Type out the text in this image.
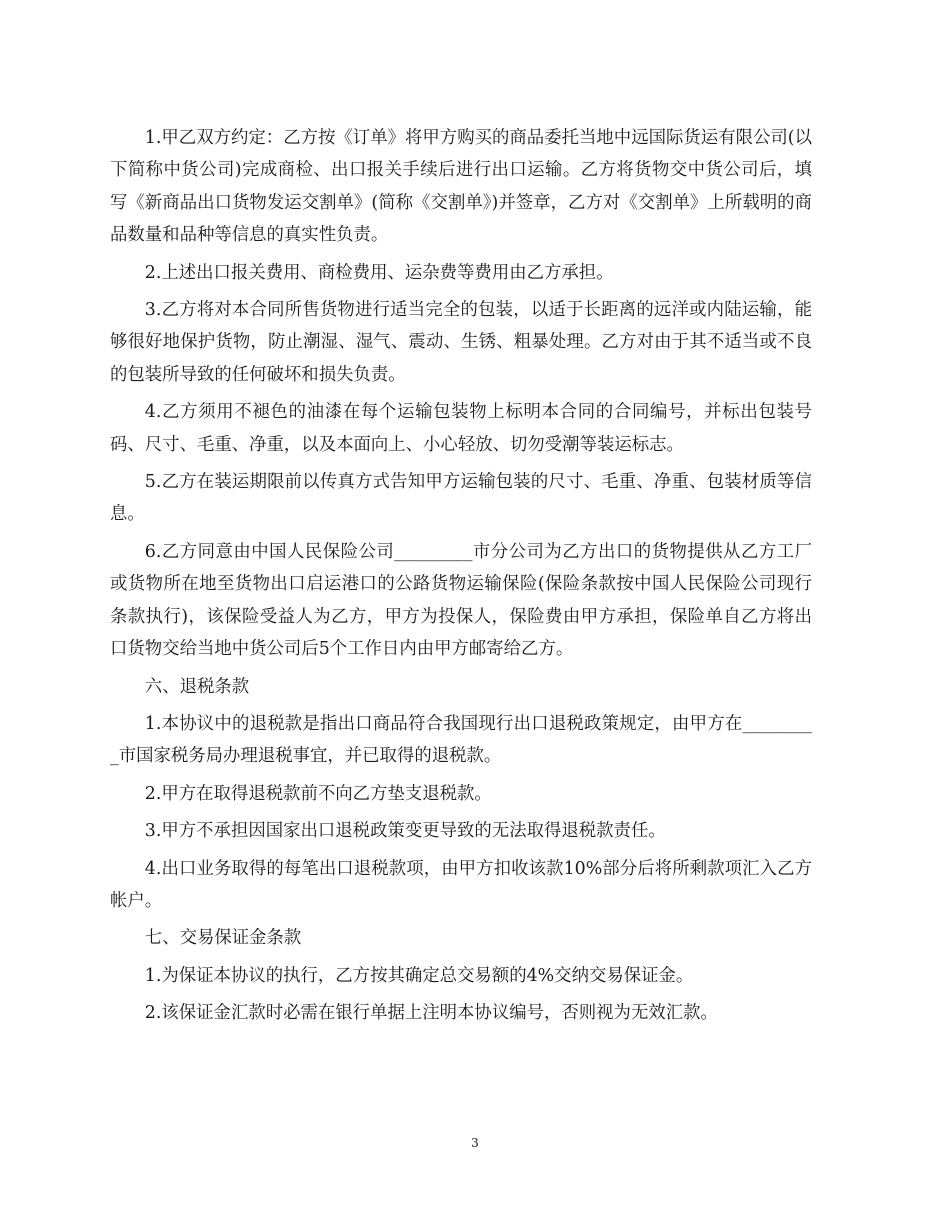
1.甲乙双方约定：乙方按《订单》将甲方购买的商品委托当地中远国际货运有限公司(以下简称中货公司)完成商检、出口报关手续后进行出口运输。乙方将货物交中货公司后，填写《新商品出口货物发运交割单》(简称《交割单》)并签章，乙方对《交割单》上所载明的商品数量和品种等信息的真实性负责。

2.上述出口报关费用、商检费用、运杂费等费用由乙方承担。

3.乙方将对本合同所售货物进行适当完全的包装，以适于长距离的远洋或内陆运输，能够很好地保护货物，防止潮湿、湿气、震动、生锈、粗暴处理。乙方对由于其不适当或不良的包装所导致的任何破坏和损失负责。

4.乙方须用不褪色的油漆在每个运输包装物上标明本合同的合同编号，并标出包装号码、尺寸、毛重、净重，以及本面向上、小心轻放、切勿受潮等装运标志。

5.乙方在装运期限前以传真方式告知甲方运输包装的尺寸、毛重、净重、包装材质等信息。

6.乙方同意由中国人民保险公司_________市分公司为乙方出口的货物提供从乙方工厂或货物所在地至货物出口启运港口的公路货物运输保险(保险条款按中国人民保险公司现行条款执行)，该保险受益人为乙方，甲方为投保人，保险费由甲方承担，保险单自乙方将出口货物交给当地中货公司后5个工作日内由甲方邮寄给乙方。

六、退税条款

1.本协议中的退税款是指出口商品符合我国现行出口退税政策规定，由甲方在_________市国家税务局办理退税事宜，并已取得的退税款。

2.甲方在取得退税款前不向乙方垫支退税款。

3.甲方不承担因国家出口退税政策变更导致的无法取得退税款责任。

4.出口业务取得的每笔出口退税款项，由甲方扣收该款10%部分后将所剩款项汇入乙方帐户。

七、交易保证金条款

1.为保证本协议的执行，乙方按其确定总交易额的4%交纳交易保证金。

2.该保证金汇款时必需在银行单据上注明本协议编号，否则视为无效汇款。

3
